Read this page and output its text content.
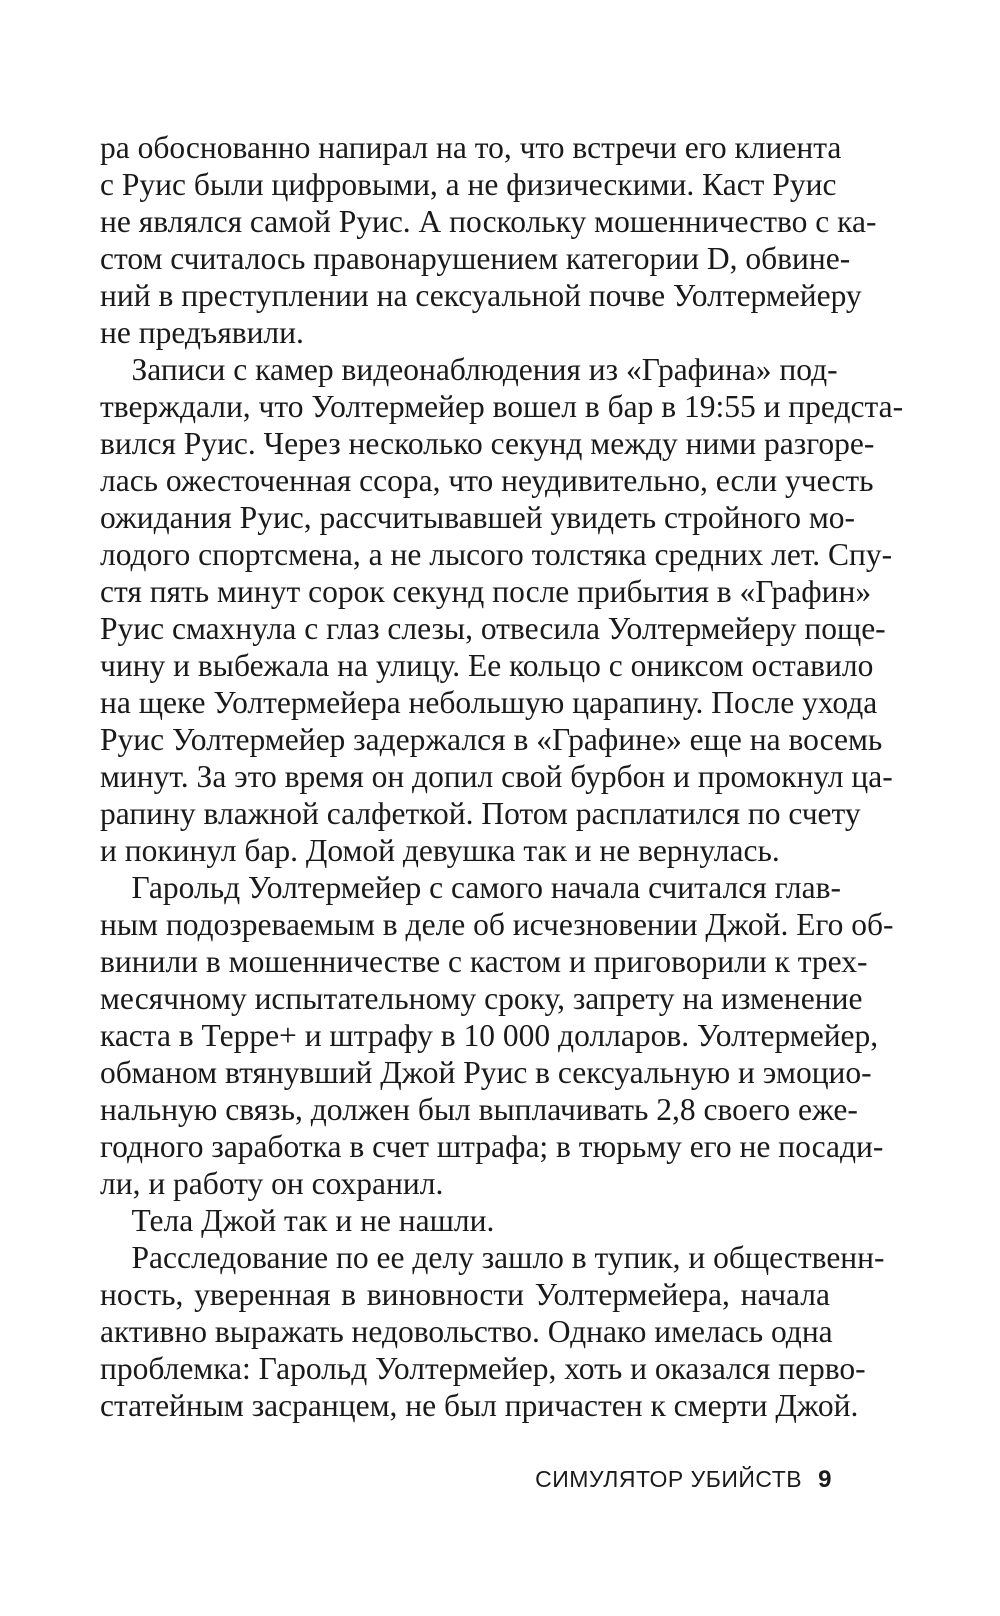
ра обоснованно напирал на то, что встречи его клиента
с Руис были цифровыми, а не физическими. Каст Руис
не являлся самой Руис. А поскольку мошенничество с ка-
стом считалось правонарушением категории D, обвине-
ний в преступлении на сексуальной почве Уолтермейеру
не предъявили.
 Записи с камер видеонаблюдения из «Графина» под-
тверждали, что Уолтермейер вошел в бар в 19:55 и предста-
вился Руис. Через несколько секунд между ними разгоре-
лась ожесточенная ссора, что неудивительно, если учесть
ожидания Руис, рассчитывавшей увидеть стройного мо-
лодого спортсмена, а не лысого толстяка средних лет. Спу-
стя пять минут сорок секунд после прибытия в «Графин»
Руис смахнула с глаз слезы, отвесила Уолтермейеру поще-
чину и выбежала на улицу. Ее кольцо с ониксом оставило
на щеке Уолтермейера небольшую царапину. После ухода
Руис Уолтермейер задержался в «Графине» еще на восемь
минут. За это время он допил свой бурбон и промокнул ца-
рапину влажной салфеткой. Потом расплатился по счету
и покинул бар. Домой девушка так и не вернулась.
 Гарольд Уолтермейер с самого начала считался глав-
ным подозреваемым в деле об исчезновении Джой. Его об-
винили в мошенничестве с кастом и приговорили к трех-
месячному испытательному сроку, запрету на изменение
каста в Терре+ и штрафу в 10 000 долларов. Уолтермейер,
обманом втянувший Джой Руис в сексуальную и эмоцио-
нальную связь, должен был выплачивать 2,8 своего еже-
годного заработка в счет штрафа; в тюрьму его не посади-
ли, и работу он сохранил.
 Тела Джой так и не нашли.
 Расследование по ее делу зашло в тупик, и общественн-
ность, уверенная в виновности Уолтермейера, начала
активно выражать недовольство. Однако имелась одна
проблемка: Гарольд Уолтермейер, хоть и оказался перво-
статейным засранцем, не был причастен к смерти Джой.
СИМУЛЯТОР УБИЙСТВ 9
